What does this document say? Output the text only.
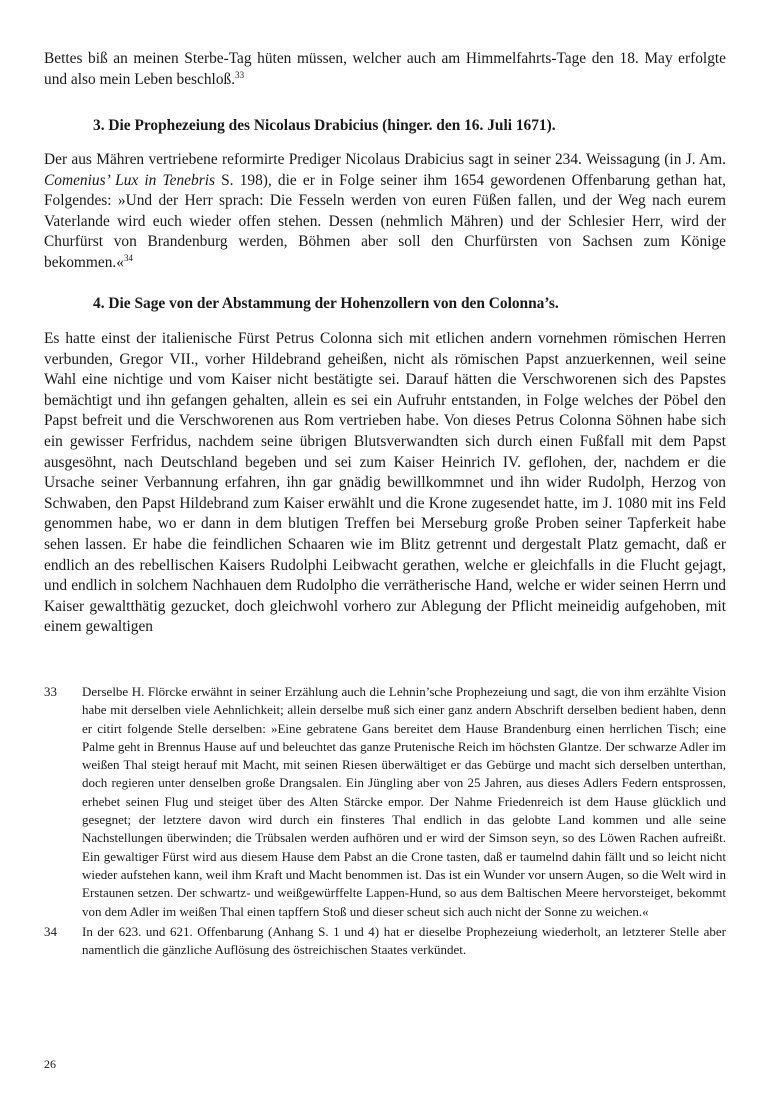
Bettes biß an meinen Sterbe-Tag hüten müssen, welcher auch am Himmelfahrts-Tage den 18. May erfolgte und also mein Leben beschloß.$^{33}$

3. Die Prophezeiung des Nicolaus Drabicius (hinger. den 16. Juli 1671).

Der aus Mähren vertriebene reformirte Prediger Nicolaus Drabicius sagt in seiner 234. Weissagung (in J. Am. Comenius’ Lux in Tenebris S. 198), die er in Folge seiner ihm 1654 gewordenen Offenbarung gethan hat, Folgendes: »Und der Herr sprach: Die Fesseln werden von euren Füßen fallen, und der Weg nach eurem Vaterlande wird euch wieder offen stehen. Dessen (nehmlich Mähren) und der Schlesier Herr, wird der Churfürst von Brandenburg werden, Böhmen aber soll den Churfürsten von Sachsen zum Könige bekommen.«$^{34}$

4. Die Sage von der Abstammung der Hohenzollern von den Colonna’s.

Es hatte einst der italienische Fürst Petrus Colonna sich mit etlichen andern vornehmen römischen Herren verbunden, Gregor VII., vorher Hildebrand geheißen, nicht als römischen Papst anzuerkennen, weil seine Wahl eine nichtige und vom Kaiser nicht bestätigte sei. Darauf hätten die Verschworenen sich des Papstes bemächtigt und ihn gefangen gehalten, allein es sei ein Aufruhr entstanden, in Folge welches der Pöbel den Papst befreit und die Verschworenen aus Rom vertrieben habe. Von dieses Petrus Colonna Söhnen habe sich ein gewisser Ferfridus, nachdem seine übrigen Blutsverwandten sich durch einen Fußfall mit dem Papst ausgesöhnt, nach Deutschland begeben und sei zum Kaiser Heinrich IV. geflohen, der, nachdem er die Ursache seiner Verbannung erfahren, ihn gar gnädig bewillkommnet und ihn wider Rudolph, Herzog von Schwaben, den Papst Hildebrand zum Kaiser erwählt und die Krone zugesendet hatte, im J. 1080 mit ins Feld genommen habe, wo er dann in dem blutigen Treffen bei Merseburg große Proben seiner Tapferkeit habe sehen lassen. Er habe die feindlichen Schaaren wie im Blitz getrennt und dergestalt Platz gemacht, daß er endlich an des rebellischen Kaisers Rudolphi Leibwacht gerathen, welche er gleichfalls in die Flucht gejagt, und endlich in solchem Nachhauen dem Rudolpho die verrätherische Hand, welche er wider seinen Herrn und Kaiser gewaltthätig gezucket, doch gleichwohl vorhero zur Ablegung der Pflicht meineidig aufgehoben, mit einem gewaltigen

33 Derselbe H. Flörcke erwähnt in seiner Erzählung auch die Lehnin’sche Prophezeiung und sagt, die von ihm erzählte Vision habe mit derselben viele Aehnlichkeit; allein derselbe muß sich einer ganz andern Abschrift derselben bedient haben, denn er citirt folgende Stelle derselben: »Eine gebratene Gans bereitet dem Hause Brandenburg einen herrlichen Tisch; eine Palme geht in Brennus Hause auf und beleuchtet das ganze Prutenische Reich im höchsten Glantze. Der schwarze Adler im weißen Thal steigt herauf mit Macht, mit seinen Riesen überwältiget er das Gebürge und macht sich derselben unterthan, doch regieren unter denselben große Drangsalen. Ein Jüngling aber von 25 Jahren, aus dieses Adlers Federn entsprossen, erhebet seinen Flug und steiget über des Alten Stärcke empor. Der Nahme Friedenreich ist dem Hause glücklich und gesegnet; der letztere davon wird durch ein finsteres Thal endlich in das gelobte Land kommen und alle seine Nachstellungen überwinden; die Trübsalen werden aufhören und er wird der Simson seyn, so des Löwen Rachen aufreißt. Ein gewaltiger Fürst wird aus diesem Hause dem Pabst an die Crone tasten, daß er taumelnd dahin fällt und so leicht nicht wieder aufstehen kann, weil ihm Kraft und Macht benommen ist. Das ist ein Wunder vor unsern Augen, so die Welt wird in Erstaunen setzen. Der schwartz- und weißgewürffelte Lappen-Hund, so aus dem Baltischen Meere hervorsteiget, bekommt von dem Adler im weißen Thal einen tapffern Stoß und dieser scheut sich auch nicht der Sonne zu weichen.«

34 In der 623. und 621. Offenbarung (Anhang S. 1 und 4) hat er dieselbe Prophezeiung wiederholt, an letzterer Stelle aber namentlich die gänzliche Auflösung des östreichischen Staates verkündet.

26
